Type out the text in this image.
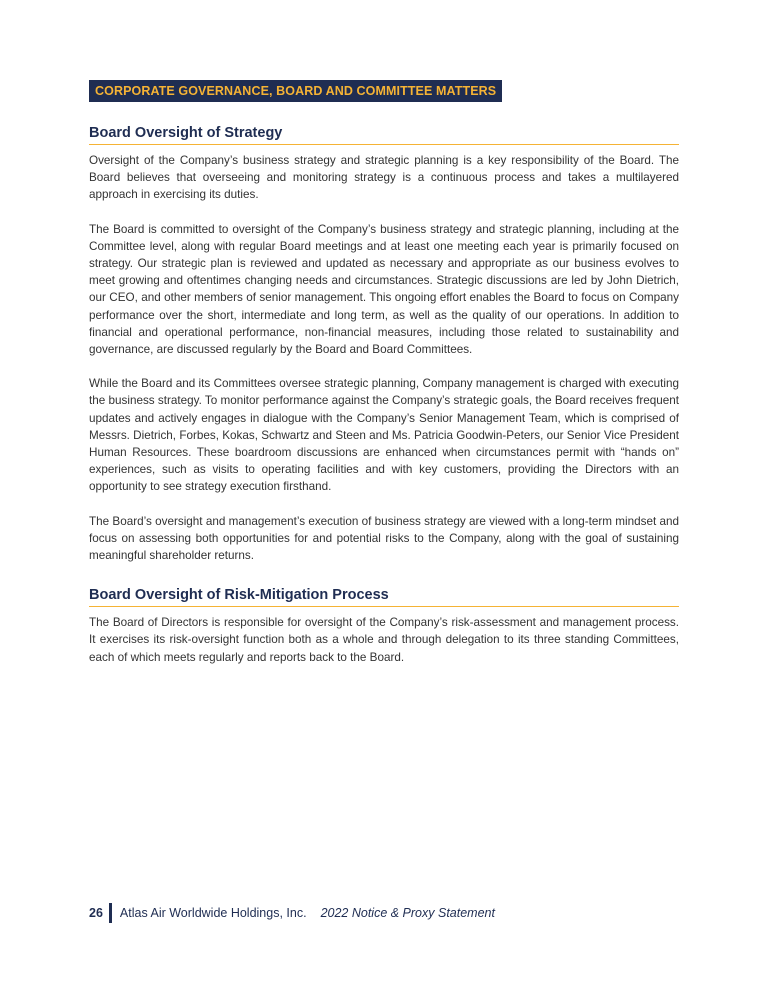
CORPORATE GOVERNANCE, BOARD AND COMMITTEE MATTERS
Board Oversight of Strategy

Oversight of the Company’s business strategy and strategic planning is a key responsibility of the Board. The Board believes that overseeing and monitoring strategy is a continuous process and takes a multilayered approach in exercising its duties.

The Board is committed to oversight of the Company’s business strategy and strategic planning, including at the Committee level, along with regular Board meetings and at least one meeting each year is primarily focused on strategy. Our strategic plan is reviewed and updated as necessary and appropriate as our business evolves to meet growing and oftentimes changing needs and circumstances. Strategic discussions are led by John Dietrich, our CEO, and other members of senior management. This ongoing effort enables the Board to focus on Company performance over the short, intermediate and long term, as well as the quality of our operations. In addition to financial and operational performance, non-financial measures, including those related to sustainability and governance, are discussed regularly by the Board and Board Committees.

While the Board and its Committees oversee strategic planning, Company management is charged with executing the business strategy. To monitor performance against the Company’s strategic goals, the Board receives frequent updates and actively engages in dialogue with the Company’s Senior Management Team, which is comprised of Messrs. Dietrich, Forbes, Kokas, Schwartz and Steen and Ms. Patricia Goodwin-Peters, our Senior Vice President Human Resources. These boardroom discussions are enhanced when circumstances permit with “hands on” experiences, such as visits to operating facilities and with key customers, providing the Directors with an opportunity to see strategy execution firsthand.

The Board’s oversight and management’s execution of business strategy are viewed with a long-term mindset and focus on assessing both opportunities for and potential risks to the Company, along with the goal of sustaining meaningful shareholder returns.

Board Oversight of Risk-Mitigation Process

The Board of Directors is responsible for oversight of the Company’s risk-assessment and management process. It exercises its risk-oversight function both as a whole and through delegation to its three standing Committees, each of which meets regularly and reports back to the Board.

26 Atlas Air Worldwide Holdings, Inc. 2022 Notice & Proxy Statement
